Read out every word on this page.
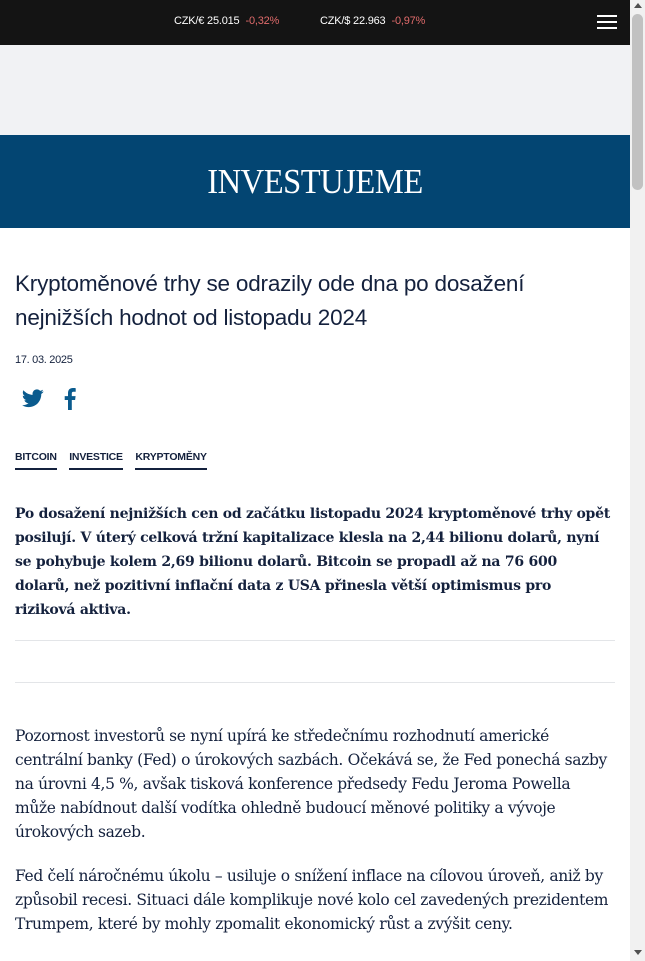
CZK/€ 25.015 -0,32%	CZK/$ 22.963 -0,97%
INVESTUJEME
Kryptoměnové trhy se odrazily ode dna po dosažení nejnižších hodnot od listopadu 2024
17. 03. 2025
BITCOIN INVESTICE KRYPTOMĚNY

Po dosažení nejnižších cen od začátku listopadu 2024 kryptoměnové trhy opět posilují. V úterý celková tržní kapitalizace klesla na 2,44 bilionu dolarů, nyní se pohybuje kolem 2,69 bilionu dolarů. Bitcoin se propadl až na 76 600 dolarů, než pozitivní inflační data z USA přinesla větší optimismus pro riziková aktiva.

Pozornost investorů se nyní upírá ke středečnímu rozhodnutí americké centrální banky (Fed) o úrokových sazbách. Očekává se, že Fed ponechá sazby na úrovni 4,5 %, avšak tisková konference předsedy Fedu Jeroma Powella může nabídnout další vodítka ohledně budoucí měnové politiky a vývoje úrokových sazeb.

Fed čelí náročnému úkolu – usiluje o snížení inflace na cílovou úroveň, aniž by způsobil recesi. Situaci dále komplikuje nové kolo cel zavedených prezidentem Trumpem, které by mohly zpomalit ekonomický růst a zvýšit ceny.
